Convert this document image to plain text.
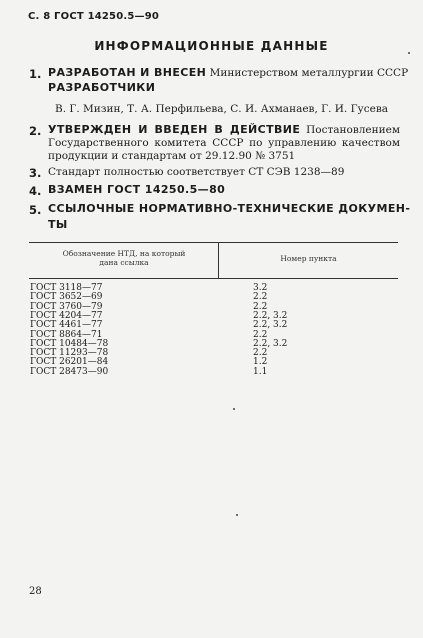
С. 8 ГОСТ 14250.5—90
ИНФОРМАЦИОННЫЕ ДАННЫЕ
1. РАЗРАБОТАН И ВНЕСЕН Министерством металлургии СССР
РАЗРАБОТЧИКИ
В. Г. Мизин, Т. А. Перфильева, С. И. Ахманаев, Г. И. Гусева
2. УТВЕРЖДЕН И ВВЕДЕН В ДЕЙСТВИЕ Постановлением
Государственного комитета СССР по управлению качеством
продукции и стандартам от 29.12.90 № 3751
3. Стандарт полностью соответствует СТ СЭВ 1238—89
4. ВЗАМЕН ГОСТ 14250.5—80
5. ССЫЛОЧНЫЕ НОРМАТИВНО-ТЕХНИЧЕСКИЕ ДОКУМЕН-
ТЫ
Обозначение НТД, на который
дана ссылка	Номер пункта
ГОСТ 3118—77	3.2
ГОСТ 3652—69	2.2
ГОСТ 3760—79	2.2
ГОСТ 4204—77	2.2, 3.2
ГОСТ 4461—77	2.2, 3.2
ГОСТ 8864—71	2.2
ГОСТ 10484—78	2.2, 3.2
ГОСТ 11293—78	2.2
ГОСТ 26201—84	1.2
ГОСТ 28473—90	1.1
28
